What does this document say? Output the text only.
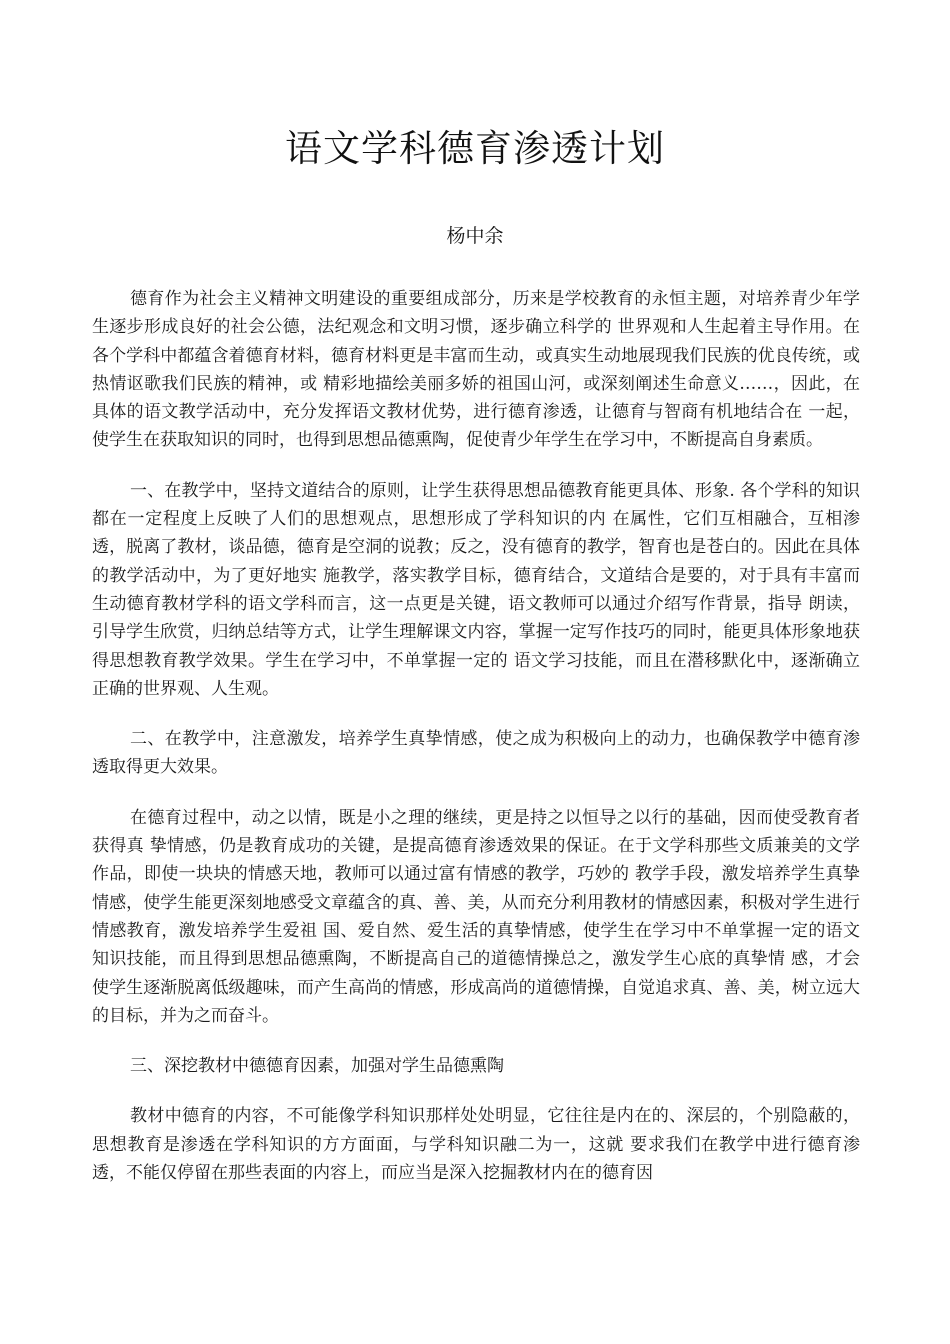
语文学科德育渗透计划
杨中余

德育作为社会主义精神文明建设的重要组成部分，历来是学校教育的永恒主题，对培养青少年学生逐步形成良好的社会公德，法纪观念和文明习惯，逐步确立科学的 世界观和人生起着主导作用。在各个学科中都蕴含着德育材料，德育材料更是丰富而生动，或真实生动地展现我们民族的优良传统，或热情讴歌我们民族的精神，或 精彩地描绘美丽多娇的祖国山河，或深刻阐述生命意义……，因此，在具体的语文教学活动中，充分发挥语文教材优势，进行德育渗透，让德育与智商有机地结合在 一起，使学生在获取知识的同时，也得到思想品德熏陶，促使青少年学生在学习中，不断提高自身素质。

一、在教学中，坚持文道结合的原则，让学生获得思想品德教育能更具体、形象. 各个学科的知识都在一定程度上反映了人们的思想观点，思想形成了学科知识的内 在属性，它们互相融合，互相渗透，脱离了教材，谈品德，德育是空洞的说教；反之，没有德育的教学，智育也是苍白的。因此在具体的教学活动中，为了更好地实 施教学，落实教学目标，德育结合，文道结合是要的，对于具有丰富而生动德育教材学科的语文学科而言，这一点更是关键，语文教师可以通过介绍写作背景，指导 朗读，引导学生欣赏，归纳总结等方式，让学生理解课文内容，掌握一定写作技巧的同时，能更具体形象地获得思想教育教学效果。学生在学习中，不单掌握一定的 语文学习技能，而且在潜移默化中，逐渐确立正确的世界观、人生观。

二、在教学中，注意激发，培养学生真挚情感，使之成为积极向上的动力，也确保教学中德育渗透取得更大效果。

在德育过程中，动之以情，既是小之理的继续，更是持之以恒导之以行的基础，因而使受教育者获得真 挚情感，仍是教育成功的关键，是提高德育渗透效果的保证。在于文学科那些文质兼美的文学作品，即使一块块的情感天地，教师可以通过富有情感的教学，巧妙的 教学手段，激发培养学生真挚情感，使学生能更深刻地感受文章蕴含的真、善、美，从而充分利用教材的情感因素，积极对学生进行情感教育，激发培养学生爱祖 国、爱自然、爱生活的真挚情感，使学生在学习中不单掌握一定的语文知识技能，而且得到思想品德熏陶，不断提高自己的道德情操总之，激发学生心底的真挚情 感，才会使学生逐渐脱离低级趣味，而产生高尚的情感，形成高尚的道德情操，自觉追求真、善、美，树立远大的目标，并为之而奋斗。

三、深挖教材中德德育因素，加强对学生品德熏陶

教材中德育的内容，不可能像学科知识那样处处明显，它往往是内在的、深层的，个别隐蔽的，思想教育是渗透在学科知识的方方面面，与学科知识融二为一，这就 要求我们在教学中进行德育渗透，不能仅停留在那些表面的内容上，而应当是深入挖掘教材内在的德育因
